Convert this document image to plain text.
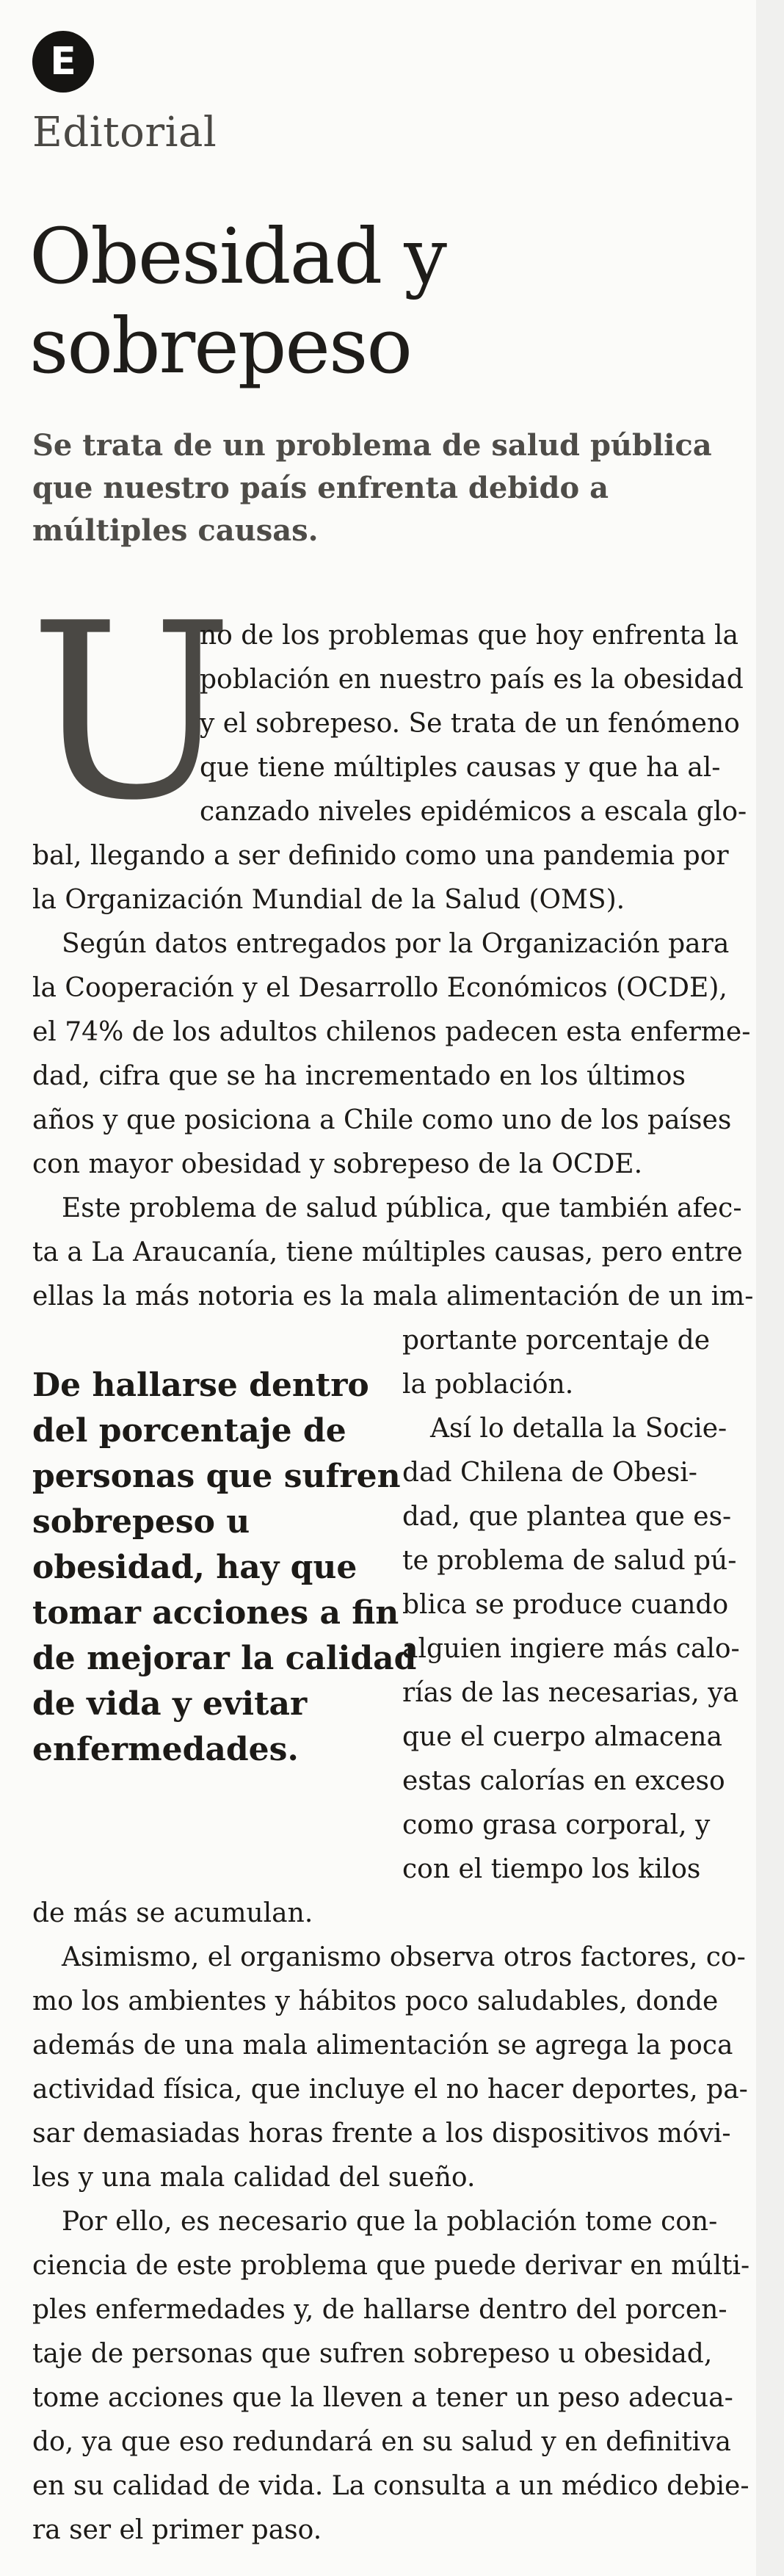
E
Editorial
Obesidad y
sobrepeso

Se trata de un problema de salud pública
que nuestro país enfrenta debido a
múltiples causas.

U

no de los problemas que hoy enfrenta la

población en nuestro país es la obesidad

y el sobrepeso. Se trata de un fenómeno

que tiene múltiples causas y que ha al-

canzado niveles epidémicos a escala glo-

bal, llegando a ser definido como una pandemia por

la Organización Mundial de la Salud (OMS).

Según datos entregados por la Organización para

la Cooperación y el Desarrollo Económicos (OCDE),

el 74% de los adultos chilenos padecen esta enferme-

dad, cifra que se ha incrementado en los últimos

años y que posiciona a Chile como uno de los países

con mayor obesidad y sobrepeso de la OCDE.

Este problema de salud pública, que también afec-

ta a La Araucanía, tiene múltiples causas, pero entre

ellas la más notoria es la mala alimentación de un im-

portante porcentaje de

la población.

Así lo detalla la Socie-

dad Chilena de Obesi-

dad, que plantea que es-

te problema de salud pú-

blica se produce cuando

alguien ingiere más calo-

rías de las necesarias, ya

que el cuerpo almacena

estas calorías en exceso

como grasa corporal, y

con el tiempo los kilos

de más se acumulan.

Asimismo, el organismo observa otros factores, co-

mo los ambientes y hábitos poco saludables, donde

además de una mala alimentación se agrega la poca

actividad física, que incluye el no hacer deportes, pa-

sar demasiadas horas frente a los dispositivos móvi-

les y una mala calidad del sueño.

Por ello, es necesario que la población tome con-

ciencia de este problema que puede derivar en múlti-

ples enfermedades y, de hallarse dentro del porcen-

taje de personas que sufren sobrepeso u obesidad,

tome acciones que la lleven a tener un peso adecua-

do, ya que eso redundará en su salud y en definitiva

en su calidad de vida. La consulta a un médico debie-

ra ser el primer paso.

De hallarse dentro

del porcentaje de

personas que sufren

sobrepeso u

obesidad, hay que

tomar acciones a fin

de mejorar la calidad

de vida y evitar

enfermedades.
